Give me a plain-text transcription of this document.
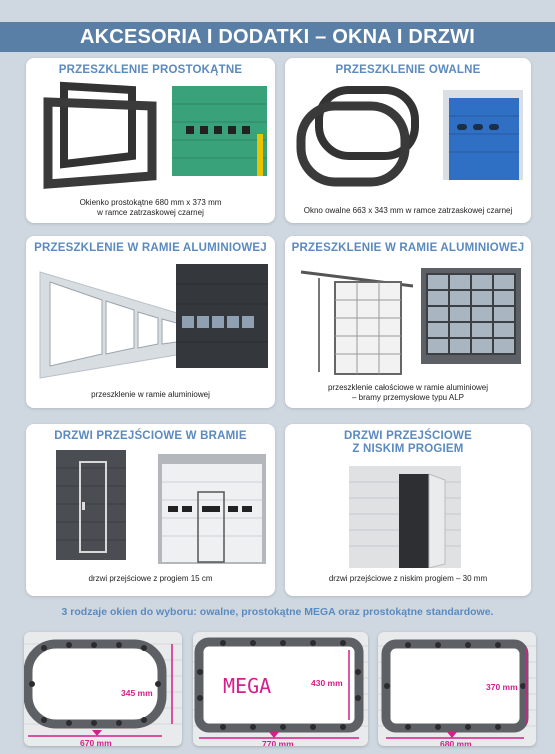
AKCESORIA I DODATKI – OKNA I DRZWI
PRZESZKLENIE PROSTOKĄTNE
Okienko prostokątne 680 mm x 373 mm
w ramce zatrzaskowej czarnej
PRZESZKLENIE OWALNE
Okno owalne 663 x 343 mm w ramce zatrzaskowej czarnej
PRZESZKLENIE W RAMIE ALUMINIOWEJ
przeszklenie w ramie aluminiowej
PRZESZKLENIE W RAMIE ALUMINIOWEJ
przeszklenie całościowe w ramie aluminiowej
– bramy przemysłowe typu ALP
DRZWI PRZEJŚCIOWE W BRAMIE
drzwi przejściowe z progiem 15 cm
DRZWI PRZEJŚCIOWE
Z NISKIM PROGIEM
drzwi przejściowe z niskim progiem – 30 mm
3 rodzaje okien do wyboru: owalne, prostokątne MEGA oraz prostokątne standardowe.
345 mm
670 mm
MEGA	430 mm
770 mm
370 mm
680 mm
